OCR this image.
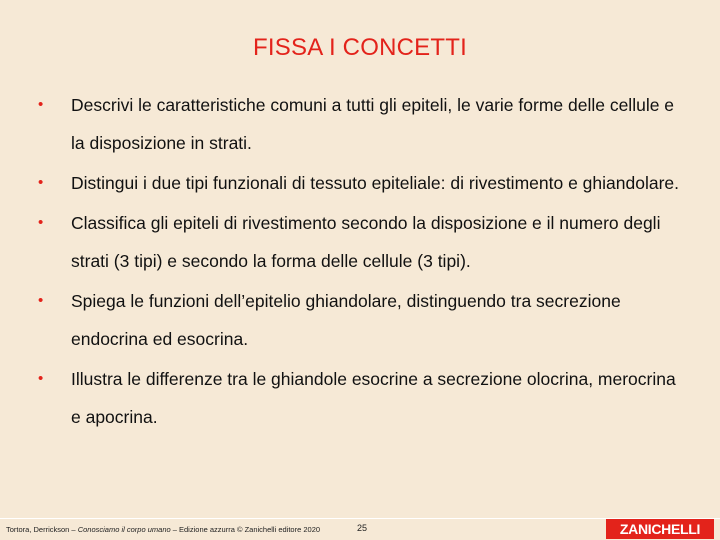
FISSA I CONCETTI
• Descrivi le caratteristiche comuni a tutti gli epiteli, le varie forme delle cellule e la disposizione in strati.
• Distingui i due tipi funzionali di tessuto epiteliale: di rivestimento e ghiandolare.
• Classifica gli epiteli di rivestimento secondo la disposizione e il numero degli strati (3 tipi) e secondo la forma delle cellule (3 tipi).
• Spiega le funzioni dell’epitelio ghiandolare, distinguendo tra secrezione endocrina ed esocrina.
• Illustra le differenze tra le ghiandole esocrine a secrezione olocrina, merocrina e apocrina.
Tortora, Derrickson – Conosciamo il corpo umano – Edizione azzurra © Zanichelli editore 2020	25	ZANICHELLI
